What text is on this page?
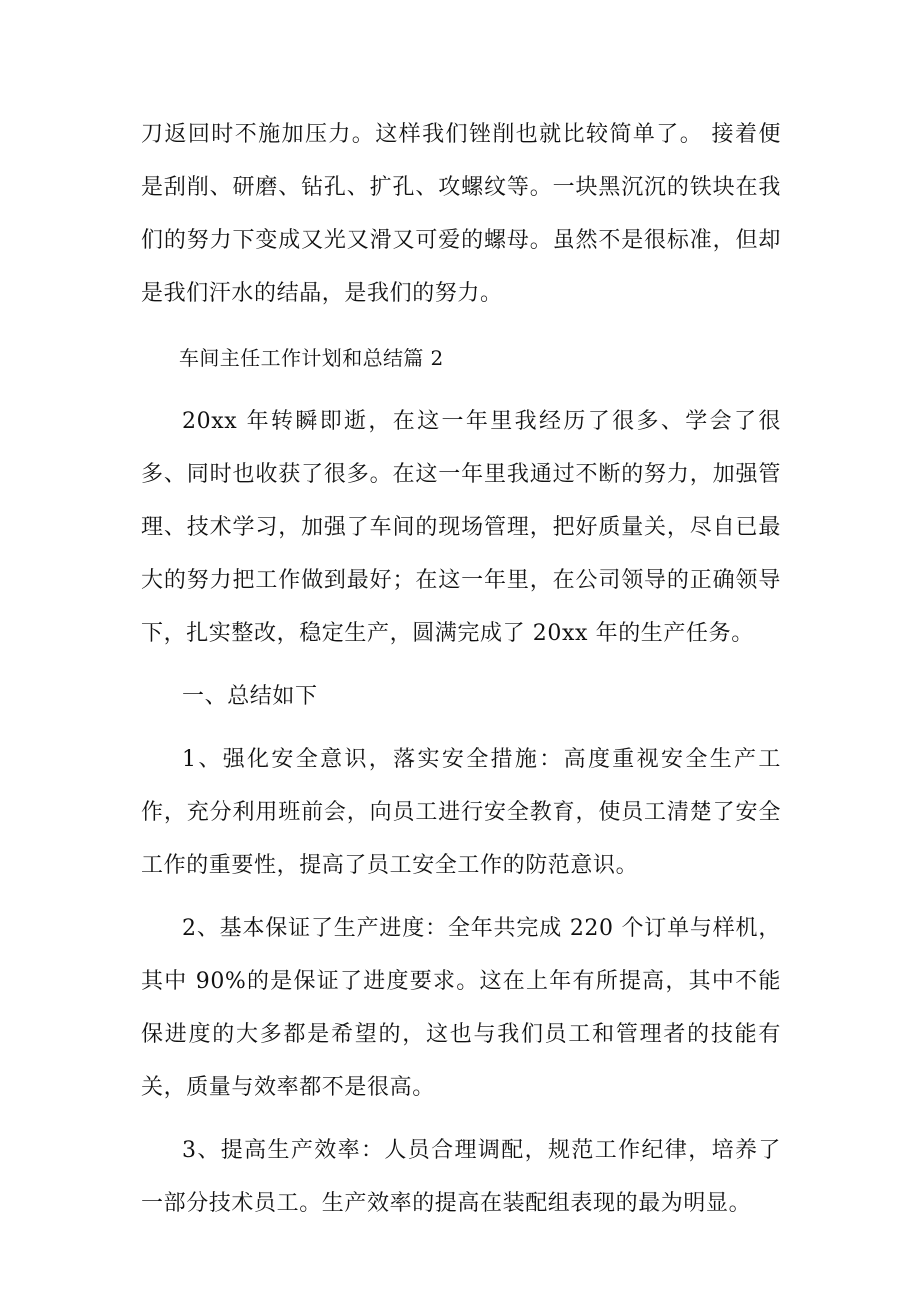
刀返回时不施加压力。这样我们锉削也就比较简单了。 接着便是刮削、研磨、钻孔、扩孔、攻螺纹等。一块黑沉沉的铁块在我们的努力下变成又光又滑又可爱的螺母。虽然不是很标准，但却是我们汗水的结晶，是我们的努力。

车间主任工作计划和总结篇 2

20xx 年转瞬即逝，在这一年里我经历了很多、学会了很多、同时也收获了很多。在这一年里我通过不断的努力，加强管理、技术学习，加强了车间的现场管理，把好质量关，尽自已最大的努力把工作做到最好；在这一年里，在公司领导的正确领导下，扎实整改，稳定生产，圆满完成了 20xx 年的生产任务。

一、总结如下

1、强化安全意识，落实安全措施：高度重视安全生产工作，充分利用班前会，向员工进行安全教育，使员工清楚了安全工作的重要性，提高了员工安全工作的防范意识。

2、基本保证了生产进度：全年共完成 220 个订单与样机，其中 90%的是保证了进度要求。这在上年有所提高，其中不能保进度的大多都是希望的，这也与我们员工和管理者的技能有关，质量与效率都不是很高。

3、提高生产效率：人员合理调配，规范工作纪律，培养了一部分技术员工。生产效率的提高在装配组表现的最为明显。
